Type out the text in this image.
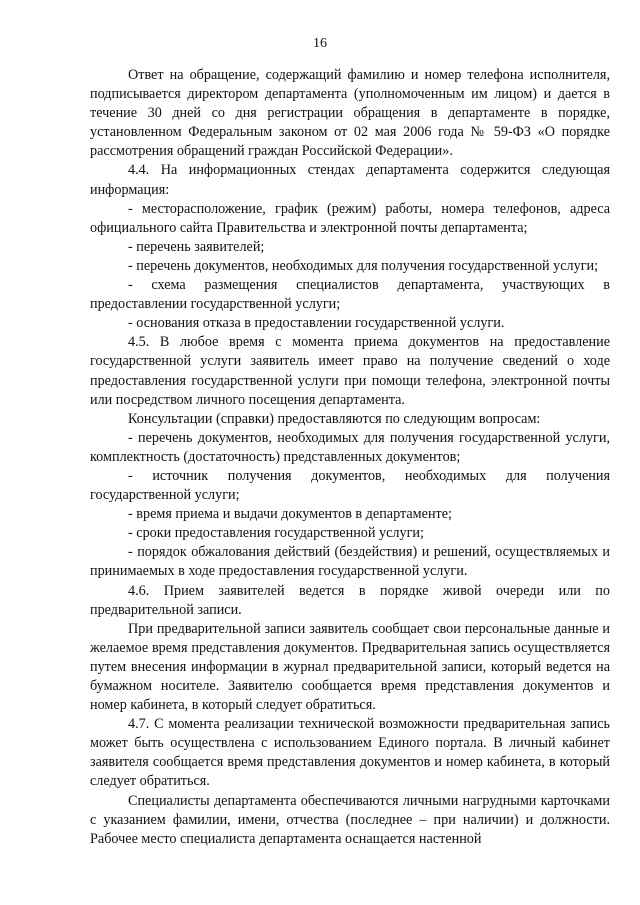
16

Ответ на обращение, содержащий фамилию и номер телефона исполнителя, подписывается директором департамента (уполномоченным им лицом) и дается в течение 30 дней со дня регистрации обращения в департаменте в порядке, установленном Федеральным законом от 02 мая 2006 года № 59-ФЗ «О порядке рассмотрения обращений граждан Российской Федерации».

4.4. На информационных стендах департамента содержится следующая информация:

- месторасположение, график (режим) работы, номера телефонов, адреса официального сайта Правительства и электронной почты департамента;

- перечень заявителей;

- перечень документов, необходимых для получения государственной услуги;

- схема размещения специалистов департамента, участвующих в предоставлении государственной услуги;

- основания отказа в предоставлении государственной услуги.

4.5. В любое время с момента приема документов на предоставление государственной услуги заявитель имеет право на получение сведений о ходе предоставления государственной услуги при помощи телефона, электронной почты или посредством личного посещения департамента.

Консультации (справки) предоставляются по следующим вопросам:

- перечень документов, необходимых для получения государственной услуги, комплектность (достаточность) представленных документов;

- источник получения документов, необходимых для получения государственной услуги;

- время приема и выдачи документов в департаменте;

- сроки предоставления государственной услуги;

- порядок обжалования действий (бездействия) и решений, осуществляемых и принимаемых в ходе предоставления государственной услуги.

4.6. Прием заявителей ведется в порядке живой очереди или по предварительной записи.

При предварительной записи заявитель сообщает свои персональные данные и желаемое время представления документов. Предварительная запись осуществляется путем внесения информации в журнал предварительной записи, который ведется на бумажном носителе. Заявителю сообщается время представления документов и номер кабинета, в который следует обратиться.

4.7. С момента реализации технической возможности предварительная запись может быть осуществлена с использованием Единого портала. В личный кабинет заявителя сообщается время представления документов и номер кабинета, в который следует обратиться.

Специалисты департамента обеспечиваются личными нагрудными карточками с указанием фамилии, имени, отчества (последнее – при наличии) и должности. Рабочее место специалиста департамента оснащается настенной
